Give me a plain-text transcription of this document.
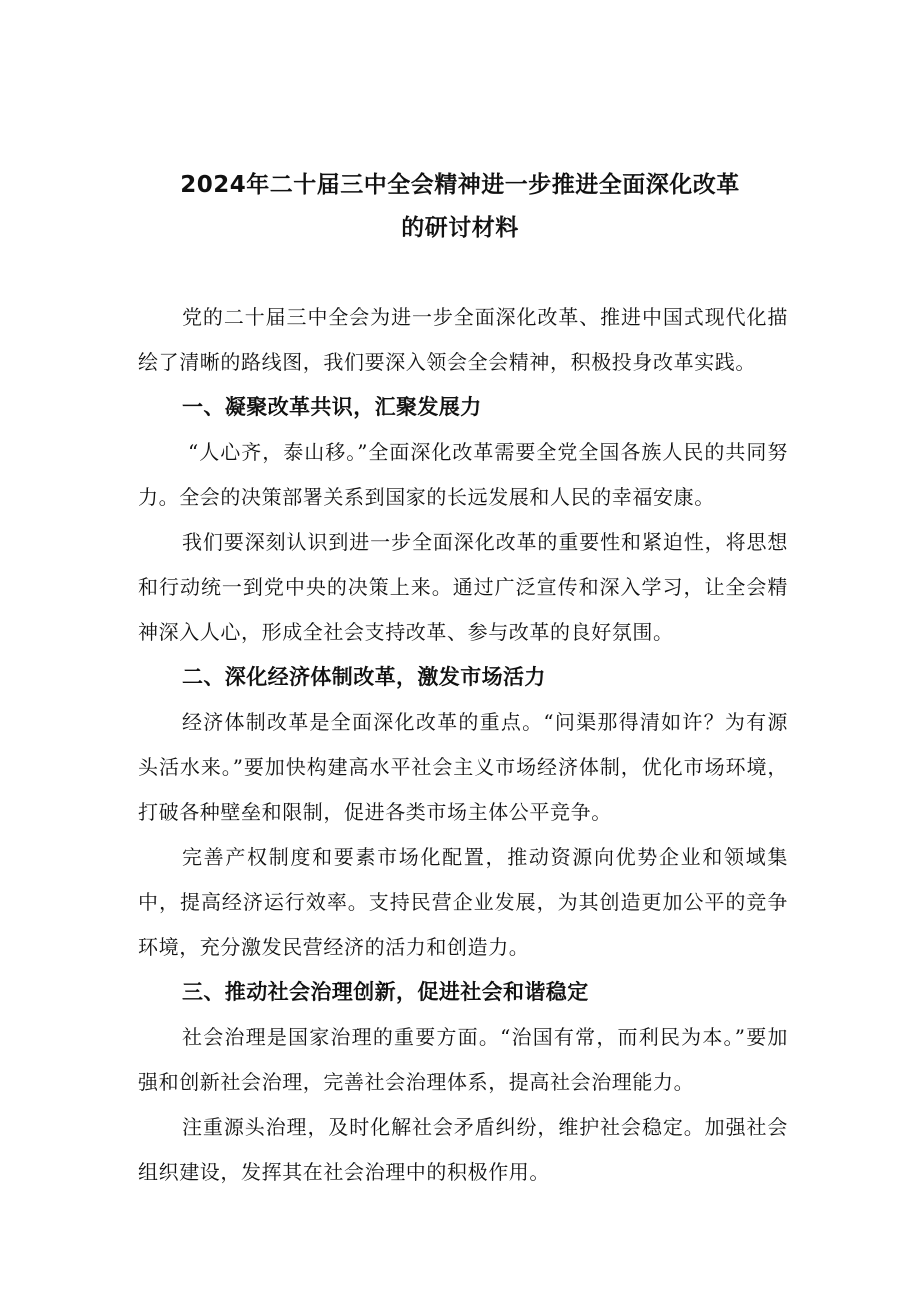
2024年二十届三中全会精神进一步推进全面深化改革
的研讨材料

党的二十届三中全会为进一步全面深化改革、推进中国式现代化描绘了清晰的路线图，我们要深入领会全会精神，积极投身改革实践。

一、凝聚改革共识，汇聚发展力

“人心齐，泰山移。”全面深化改革需要全党全国各族人民的共同努力。全会的决策部署关系到国家的长远发展和人民的幸福安康。

我们要深刻认识到进一步全面深化改革的重要性和紧迫性，将思想和行动统一到党中央的决策上来。通过广泛宣传和深入学习，让全会精神深入人心，形成全社会支持改革、参与改革的良好氛围。

二、深化经济体制改革，激发市场活力

经济体制改革是全面深化改革的重点。“问渠那得清如许？为有源头活水来。”要加快构建高水平社会主义市场经济体制，优化市场环境，打破各种壁垒和限制，促进各类市场主体公平竞争。

完善产权制度和要素市场化配置，推动资源向优势企业和领域集中，提高经济运行效率。支持民营企业发展，为其创造更加公平的竞争环境，充分激发民营经济的活力和创造力。

三、推动社会治理创新，促进社会和谐稳定

社会治理是国家治理的重要方面。“治国有常，而利民为本。”要加强和创新社会治理，完善社会治理体系，提高社会治理能力。

注重源头治理，及时化解社会矛盾纠纷，维护社会稳定。加强社会组织建设，发挥其在社会治理中的积极作用。
